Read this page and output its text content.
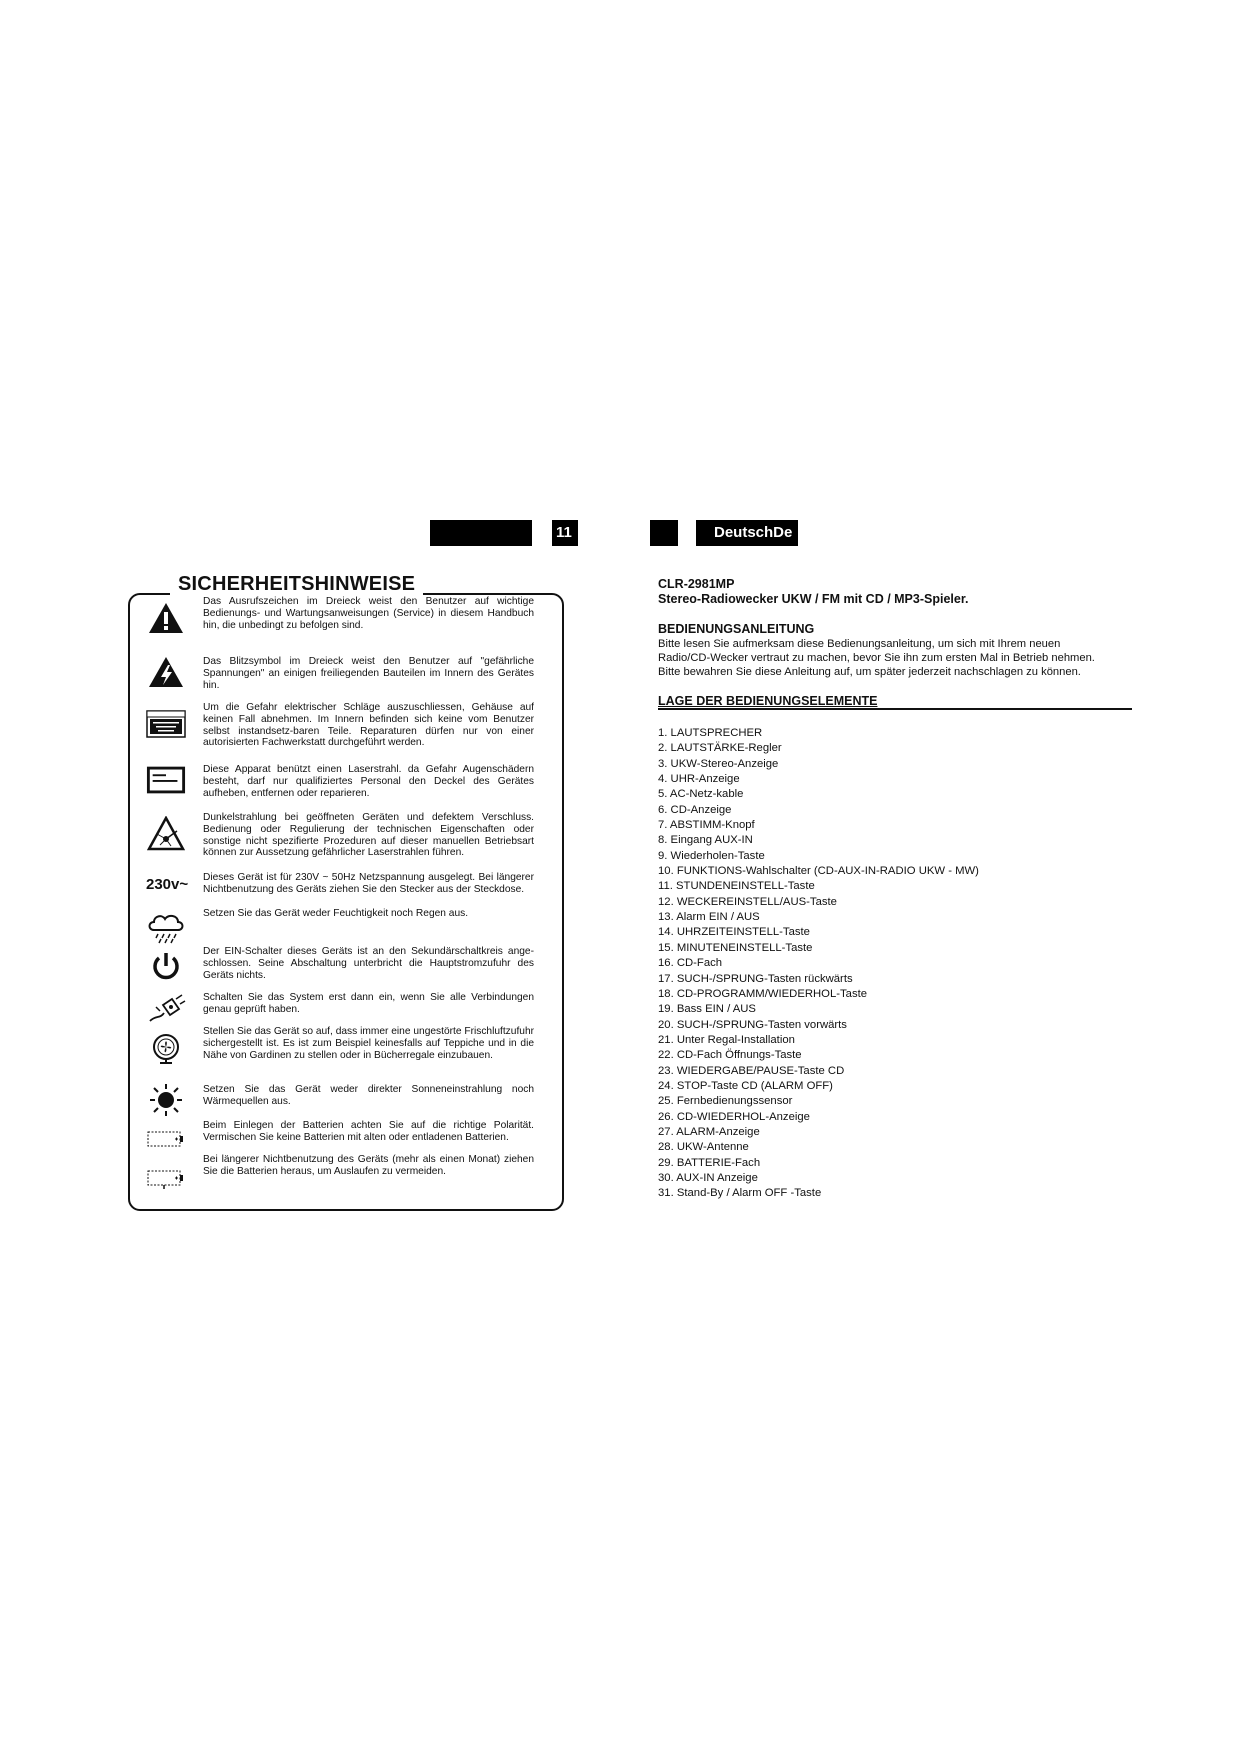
11	DeutschDe
SICHERHEITSHINWEISE
Das Ausrufszeichen im Dreieck weist den Benutzer auf wichtige Bedienungs- und Wartungsanweisungen (Service) in diesem Handbuch hin, die unbedingt zu befolgen sind.
Das Blitzsymbol im Dreieck weist den Benutzer auf "gefährliche Spannungen" an einigen freiliegenden Bauteilen im Innern des Gerätes hin.
Um die Gefahr elektrischer Schläge auszuschliessen, Gehäuse auf keinen Fall abnehmen. Im Innern befinden sich keine vom Benutzer selbst instandsetz-baren Teile. Reparaturen dürfen nur von einer autorisierten Fachwerkstatt durchgeführt werden.
Diese Apparat benützt einen Laserstrahl. da Gefahr Augenschädern besteht, darf nur qualifiziertes Personal den Deckel des Gerätes aufheben, entfernen oder reparieren.
Dunkelstrahlung bei geöffneten Geräten und defektem Verschluss. Bedienung oder Regulierung der technischen Eigenschaften oder sonstige nicht spezifierte Prozeduren auf dieser manuellen Betriebsart können zur Aussetzung gefährlicher Laserstrahlen führen.
230v~ Dieses Gerät ist für 230V ~ 50Hz Netzspannung ausgelegt. Bei längerer Nichtbenutzung des Geräts ziehen Sie den Stecker aus der Steckdose.
Setzen Sie das Gerät weder Feuchtigkeit noch Regen aus.
Der EIN-Schalter dieses Geräts ist an den Sekundärschaltkreis ange-schlossen. Seine Abschaltung unterbricht die Hauptstromzufuhr des Geräts nichts.
Schalten Sie das System erst dann ein, wenn Sie alle Verbindungen genau geprüft haben.
Stellen Sie das Gerät so auf, dass immer eine ungestörte Frischluftzufuhr sichergestellt ist. Es ist zum Beispiel keinesfalls auf Teppiche und in die Nähe von Gardinen zu stellen oder in Bücherregale einzubauen.
Setzen Sie das Gerät weder direkter Sonneneinstrahlung noch Wärmequellen aus.
Beim Einlegen der Batterien achten Sie auf die richtige Polarität. Vermischen Sie keine Batterien mit alten oder entladenen Batterien.
Bei längerer Nichtbenutzung des Geräts (mehr als einen Monat) ziehen Sie die Batterien heraus, um Auslaufen zu vermeiden.
CLR-2981MP
Stereo-Radiowecker UKW / FM mit CD / MP3-Spieler.
BEDIENUNGSANLEITUNG
Bitte lesen Sie aufmerksam diese Bedienungsanleitung, um sich mit Ihrem neuen
Radio/CD-Wecker vertraut zu machen, bevor Sie ihn zum ersten Mal in Betrieb nehmen.
Bitte bewahren Sie diese Anleitung auf, um später jederzeit nachschlagen zu können.
LAGE DER BEDIENUNGSELEMENTE
1. LAUTSPRECHER
2. LAUTSTÄRKE-Regler
3. UKW-Stereo-Anzeige
4. UHR-Anzeige
5. AC-Netz-kable
6. CD-Anzeige
7. ABSTIMM-Knopf
8. Eingang AUX-IN
9. Wiederholen-Taste
10. FUNKTIONS-Wahlschalter (CD-AUX-IN-RADIO UKW - MW)
11. STUNDENEINSTELL-Taste
12. WECKEREINSTELL/AUS-Taste
13. Alarm EIN / AUS
14. UHRZEITEINSTELL-Taste
15. MINUTENEINSTELL-Taste
16. CD-Fach
17. SUCH-/SPRUNG-Tasten rückwärts
18. CD-PROGRAMM/WIEDERHOL-Taste
19. Bass EIN / AUS
20. SUCH-/SPRUNG-Tasten vorwärts
21. Unter Regal-Installation
22. CD-Fach Öffnungs-Taste
23. WIEDERGABE/PAUSE-Taste CD
24. STOP-Taste CD (ALARM OFF)
25. Fernbedienungssensor
26. CD-WIEDERHOL-Anzeige
27. ALARM-Anzeige
28. UKW-Antenne
29. BATTERIE-Fach
30. AUX-IN Anzeige
31. Stand-By / Alarm OFF -Taste
